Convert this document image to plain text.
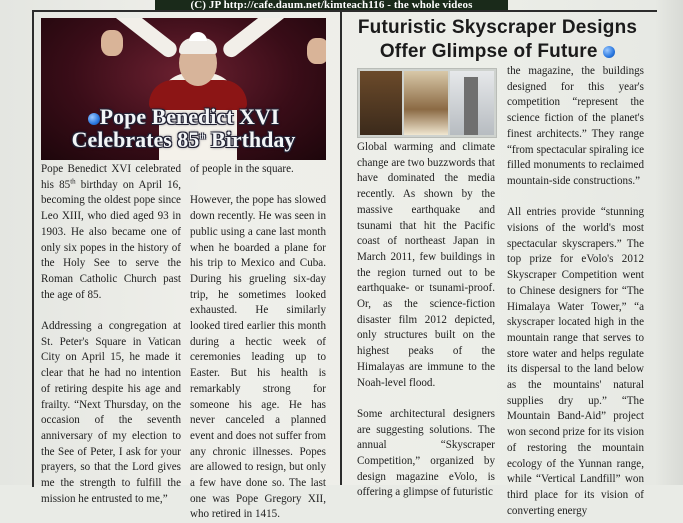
(C) JP http://cafe.daum.net/kimteach116 - the whole videos
Pope Benedict XVI
Celebrates 85th Birthday

Pope Benedict XVI celebrated his 85th birthday on April 16, becoming the oldest pope since Leo XIII, who died aged 93 in 1903. He also became one of only six popes in the history of the Holy See to serve the Roman Catholic Church past the age of 85.

Addressing a congregation at St. Peter's Square in Vatican City on April 15, he made it clear that he had no intention of retiring despite his age and frailty. “Next Thursday, on the occasion of the seventh anniversary of my election to the See of Peter, I ask for your prayers, so that the Lord gives me the strength to fulfill the mission he entrusted to me,”

of people in the square.

However, the pope has slowed down recently. He was seen in public using a cane last month when he boarded a plane for his trip to Mexico and Cuba. During his grueling six-day trip, he sometimes looked exhausted. He similarly looked tired earlier this month during a hectic week of ceremonies leading up to Easter. But his health is remarkably strong for someone his age. He has never canceled a planned event and does not suffer from any chronic illnesses. Popes are allowed to resign, but only a few have done so. The last one was Pope Gregory XII, who retired in 1415.

Futuristic Skyscraper Designs
Offer Glimpse of Future

Global warming and climate change are two buzzwords that have dominated the media recently. As shown by the massive earthquake and tsunami that hit the Pacific coast of northeast Japan in March 2011, few buildings in the region turned out to be earthquake- or tsunami-proof. Or, as the science-fiction disaster film 2012 depicted, only structures built on the highest peaks of the Himalayas are immune to the Noah-level flood.

Some architectural designers are suggesting solutions. The annual “Skyscraper Competition,” organized by design magazine eVolo, is offering a glimpse of futuristic

the magazine, the buildings designed for this year's competition “represent the science fiction of the planet's finest architects.” They range “from spectacular spiraling ice filled monuments to reclaimed mountain-side constructions.”

All entries provide “stunning visions of the world's most spectacular skyscrapers.” The top prize for eVolo's 2012 Skyscraper Competition went to Chinese designers for “The Himalaya Water Tower,” “a skyscraper located high in the mountain range that serves to store water and helps regulate its dispersal to the land below as the mountains' natural supplies dry up.” “The Mountain Band-Aid” project won second prize for its vision of restoring the mountain ecology of the Yunnan range, while “Vertical Landfill” won third place for its vision of converting energy
